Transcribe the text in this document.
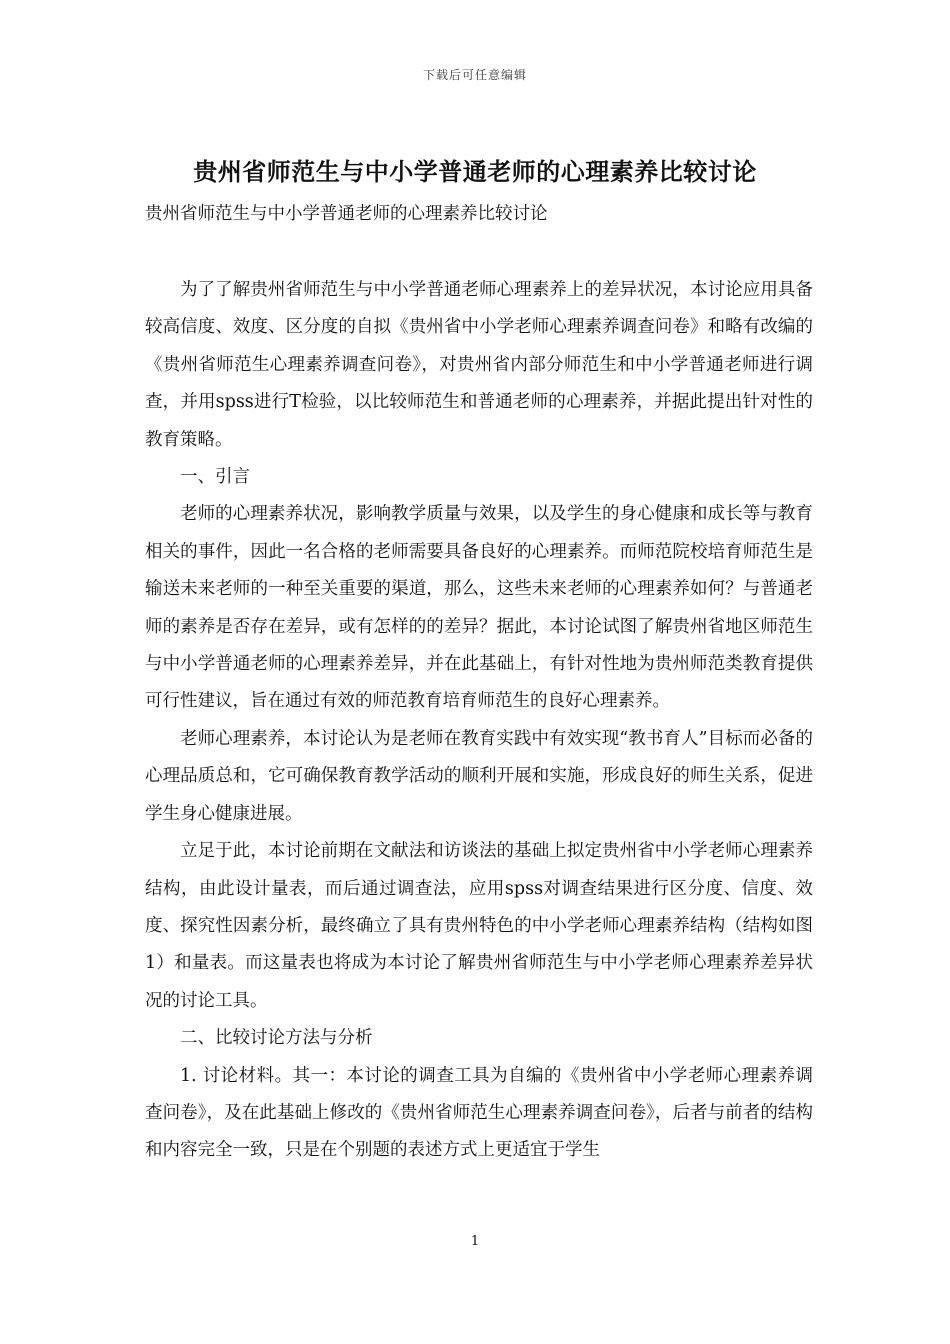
下载后可任意编辑
贵州省师范生与中小学普通老师的心理素养比较讨论
贵州省师范生与中小学普通老师的心理素养比较讨论

为了了解贵州省师范生与中小学普通老师心理素养上的差异状况，本讨论应用具备较高信度、效度、区分度的自拟《贵州省中小学老师心理素养调查问卷》和略有改编的《贵州省师范生心理素养调查问卷》，对贵州省内部分师范生和中小学普通老师进行调查，并用spss进行T检验，以比较师范生和普通老师的心理素养，并据此提出针对性的教育策略。

一、引言

老师的心理素养状况，影响教学质量与效果，以及学生的身心健康和成长等与教育相关的事件，因此一名合格的老师需要具备良好的心理素养。而师范院校培育师范生是输送未来老师的一种至关重要的渠道，那么，这些未来老师的心理素养如何？与普通老师的素养是否存在差异，或有怎样的的差异？据此，本讨论试图了解贵州省地区师范生与中小学普通老师的心理素养差异，并在此基础上，有针对性地为贵州师范类教育提供可行性建议，旨在通过有效的师范教育培育师范生的良好心理素养。

老师心理素养，本讨论认为是老师在教育实践中有效实现“教书育人”目标而必备的心理品质总和，它可确保教育教学活动的顺利开展和实施，形成良好的师生关系，促进学生身心健康进展。

立足于此，本讨论前期在文献法和访谈法的基础上拟定贵州省中小学老师心理素养结构，由此设计量表，而后通过调查法，应用spss对调查结果进行区分度、信度、效度、探究性因素分析，最终确立了具有贵州特色的中小学老师心理素养结构（结构如图1）和量表。而这量表也将成为本讨论了解贵州省师范生与中小学老师心理素养差异状况的讨论工具。

二、比较讨论方法与分析

1. 讨论材料。其一：本讨论的调查工具为自编的《贵州省中小学老师心理素养调查问卷》，及在此基础上修改的《贵州省师范生心理素养调查问卷》，后者与前者的结构和内容完全一致，只是在个别题的表述方式上更适宜于学生

1
